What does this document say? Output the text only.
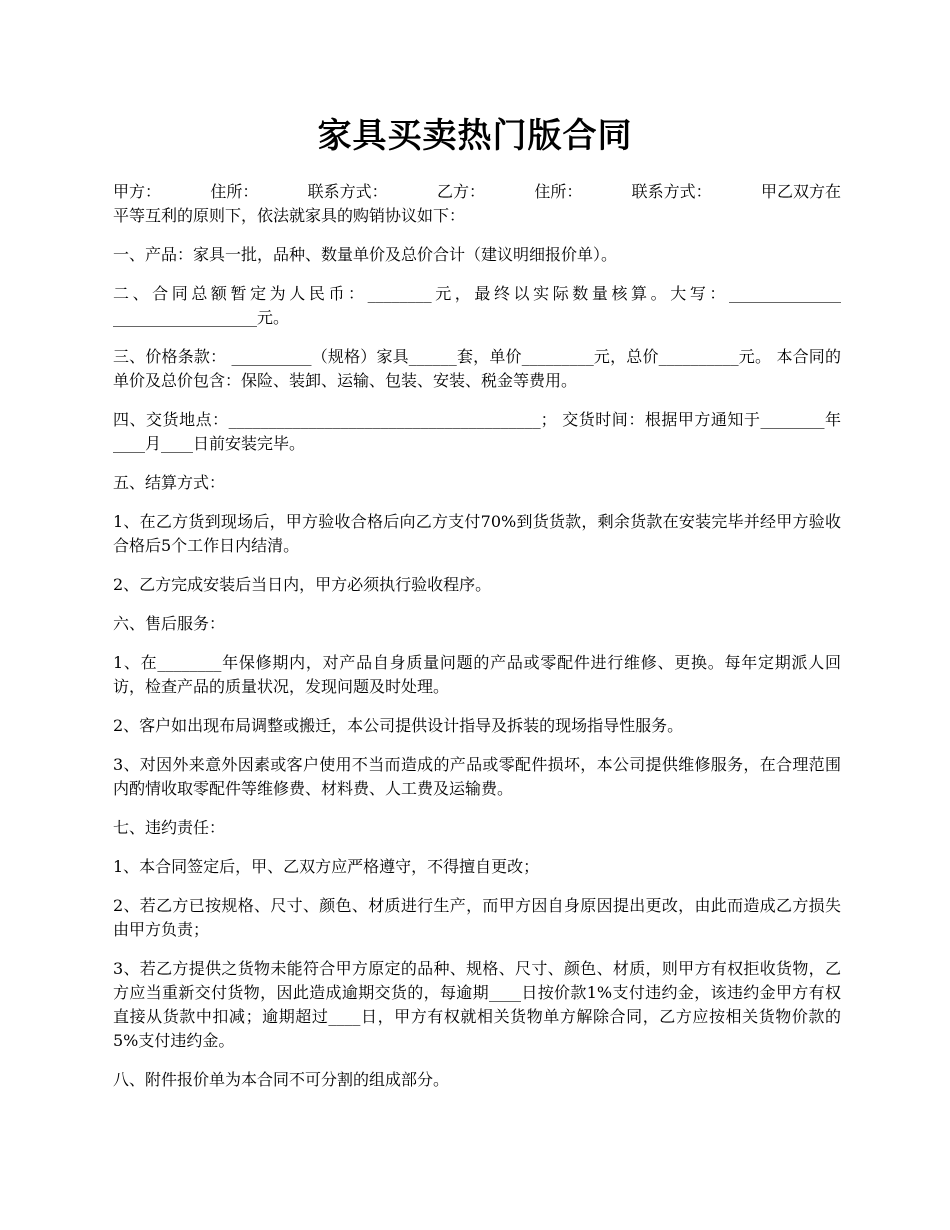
家具买卖热门版合同
甲方：	住所：	联系方式：	乙方：	住所：	联系方式：	甲乙双方在

平等互利的原则下，依法就家具的购销协议如下：

一、产品：家具一批，品种、数量单价及总价合计（建议明细报价单）。

二、合同总额暂定为人民币：________元，最终以实际数量核算。大写：______________ __________________元。

三、价格条款： __________（规格）家具______套，单价_________元，总价__________元。 本合同的单价及总价包含：保险、装卸、运输、包装、安装、税金等费用。

四、交货地点：_______________________________________； 交货时间：根据甲方通知于________年____月____日前安装完毕。

五、结算方式：

1、在乙方货到现场后，甲方验收合格后向乙方支付70%到货货款，剩余货款在安装完毕并经甲方验收合格后5个工作日内结清。

2、乙方完成安装后当日内，甲方必须执行验收程序。

六、售后服务：

1、在________年保修期内，对产品自身质量问题的产品或零配件进行维修、更换。每年定期派人回访，检查产品的质量状况，发现问题及时处理。

2、客户如出现布局调整或搬迁，本公司提供设计指导及拆装的现场指导性服务。

3、对因外来意外因素或客户使用不当而造成的产品或零配件损坏，本公司提供维修服务，在合理范围内酌情收取零配件等维修费、材料费、人工费及运输费。

七、违约责任：

1、本合同签定后，甲、乙双方应严格遵守，不得擅自更改；

2、若乙方已按规格、尺寸、颜色、材质进行生产，而甲方因自身原因提出更改，由此而造成乙方损失由甲方负责；

3、若乙方提供之货物未能符合甲方原定的品种、规格、尺寸、颜色、材质，则甲方有权拒收货物，乙方应当重新交付货物，因此造成逾期交货的，每逾期____日按价款1%支付违约金，该违约金甲方有权直接从货款中扣减；逾期超过____日，甲方有权就相关货物单方解除合同，乙方应按相关货物价款的5%支付违约金。

八、附件报价单为本合同不可分割的组成部分。
